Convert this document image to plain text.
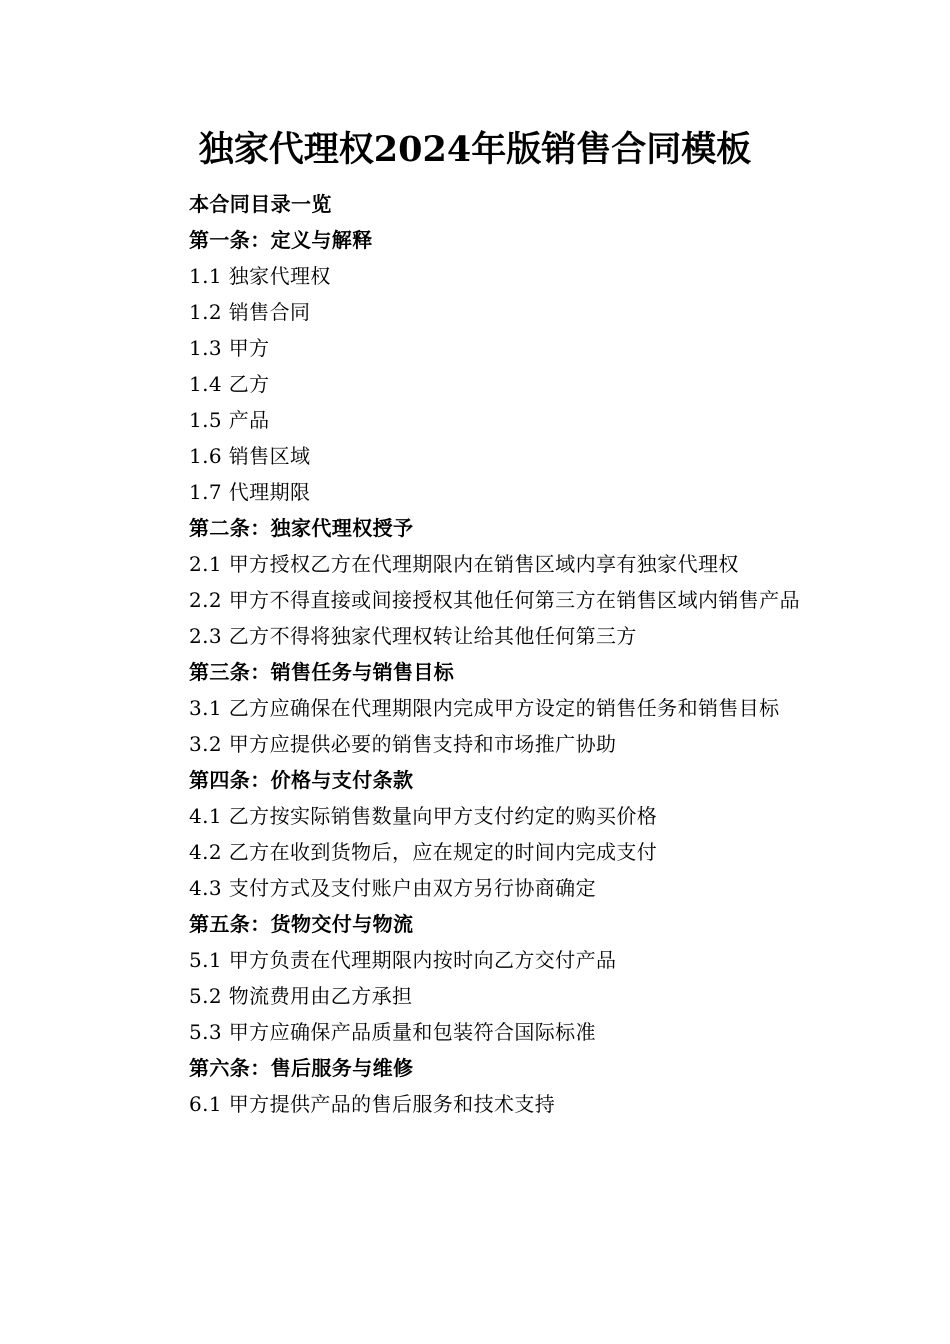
独家代理权2024年版销售合同模板

本合同目录一览

第一条：定义与解释

1.1 独家代理权

1.2 销售合同

1.3 甲方

1.4 乙方

1.5 产品

1.6 销售区域

1.7 代理期限

第二条：独家代理权授予

2.1 甲方授权乙方在代理期限内在销售区域内享有独家代理权

2.2 甲方不得直接或间接授权其他任何第三方在销售区域内销售产品

2.3 乙方不得将独家代理权转让给其他任何第三方

第三条：销售任务与销售目标

3.1 乙方应确保在代理期限内完成甲方设定的销售任务和销售目标

3.2 甲方应提供必要的销售支持和市场推广协助

第四条：价格与支付条款

4.1 乙方按实际销售数量向甲方支付约定的购买价格

4.2 乙方在收到货物后，应在规定的时间内完成支付

4.3 支付方式及支付账户由双方另行协商确定

第五条：货物交付与物流

5.1 甲方负责在代理期限内按时向乙方交付产品

5.2 物流费用由乙方承担

5.3 甲方应确保产品质量和包装符合国际标准

第六条：售后服务与维修

6.1 甲方提供产品的售后服务和技术支持
